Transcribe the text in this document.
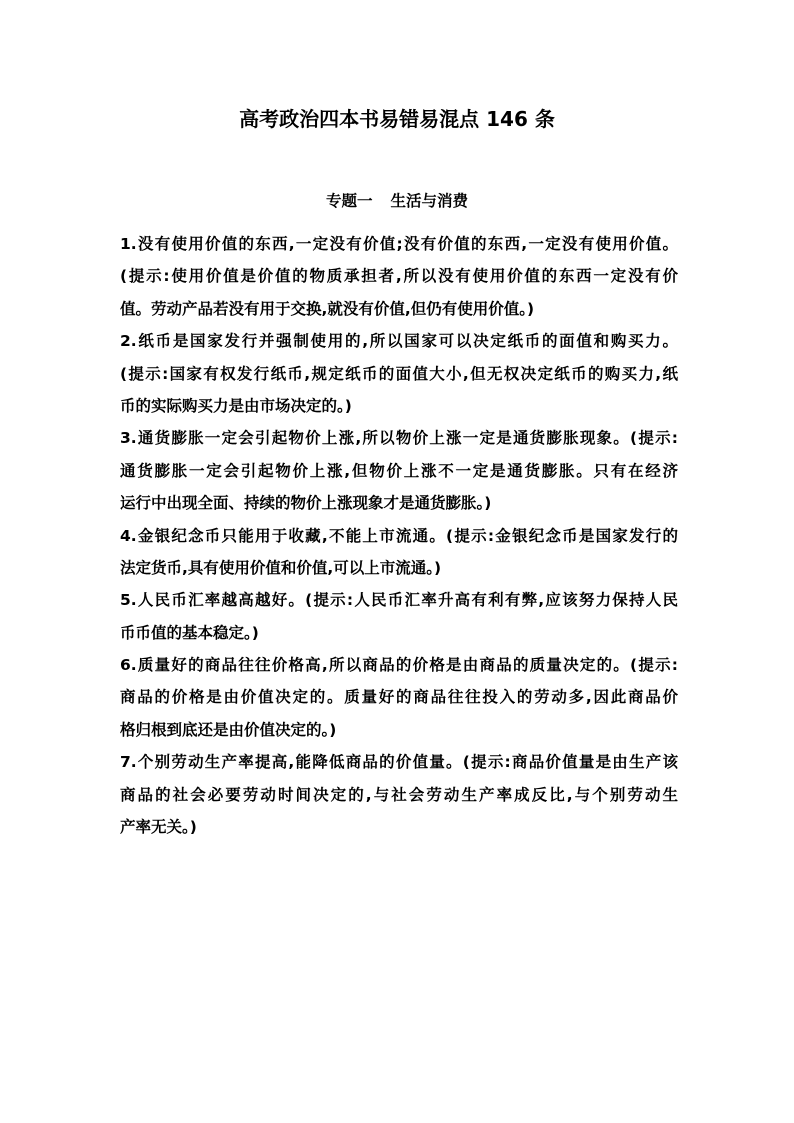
高考政治四本书易错易混点 146 条
专题一 生活与消费
1.没有使用价值的东西,一定没有价值;没有价值的东西,一定没有使用价值。
(提示:使用价值是价值的物质承担者,所以没有使用价值的东西一定没有价
值。劳动产品若没有用于交换,就没有价值,但仍有使用价值。)
2.纸币是国家发行并强制使用的,所以国家可以决定纸币的面值和购买力。
(提示:国家有权发行纸币,规定纸币的面值大小,但无权决定纸币的购买力,纸
币的实际购买力是由市场决定的。)
3.通货膨胀一定会引起物价上涨,所以物价上涨一定是通货膨胀现象。(提示:
通货膨胀一定会引起物价上涨,但物价上涨不一定是通货膨胀。只有在经济
运行中出现全面、持续的物价上涨现象才是通货膨胀。)
4.金银纪念币只能用于收藏,不能上市流通。(提示:金银纪念币是国家发行的
法定货币,具有使用价值和价值,可以上市流通。)
5.人民币汇率越高越好。(提示:人民币汇率升高有利有弊,应该努力保持人民
币币值的基本稳定。)
6.质量好的商品往往价格高,所以商品的价格是由商品的质量决定的。(提示:
商品的价格是由价值决定的。质量好的商品往往投入的劳动多,因此商品价
格归根到底还是由价值决定的。)
7.个别劳动生产率提高,能降低商品的价值量。(提示:商品价值量是由生产该
商品的社会必要劳动时间决定的,与社会劳动生产率成反比,与个别劳动生
产率无关。)
